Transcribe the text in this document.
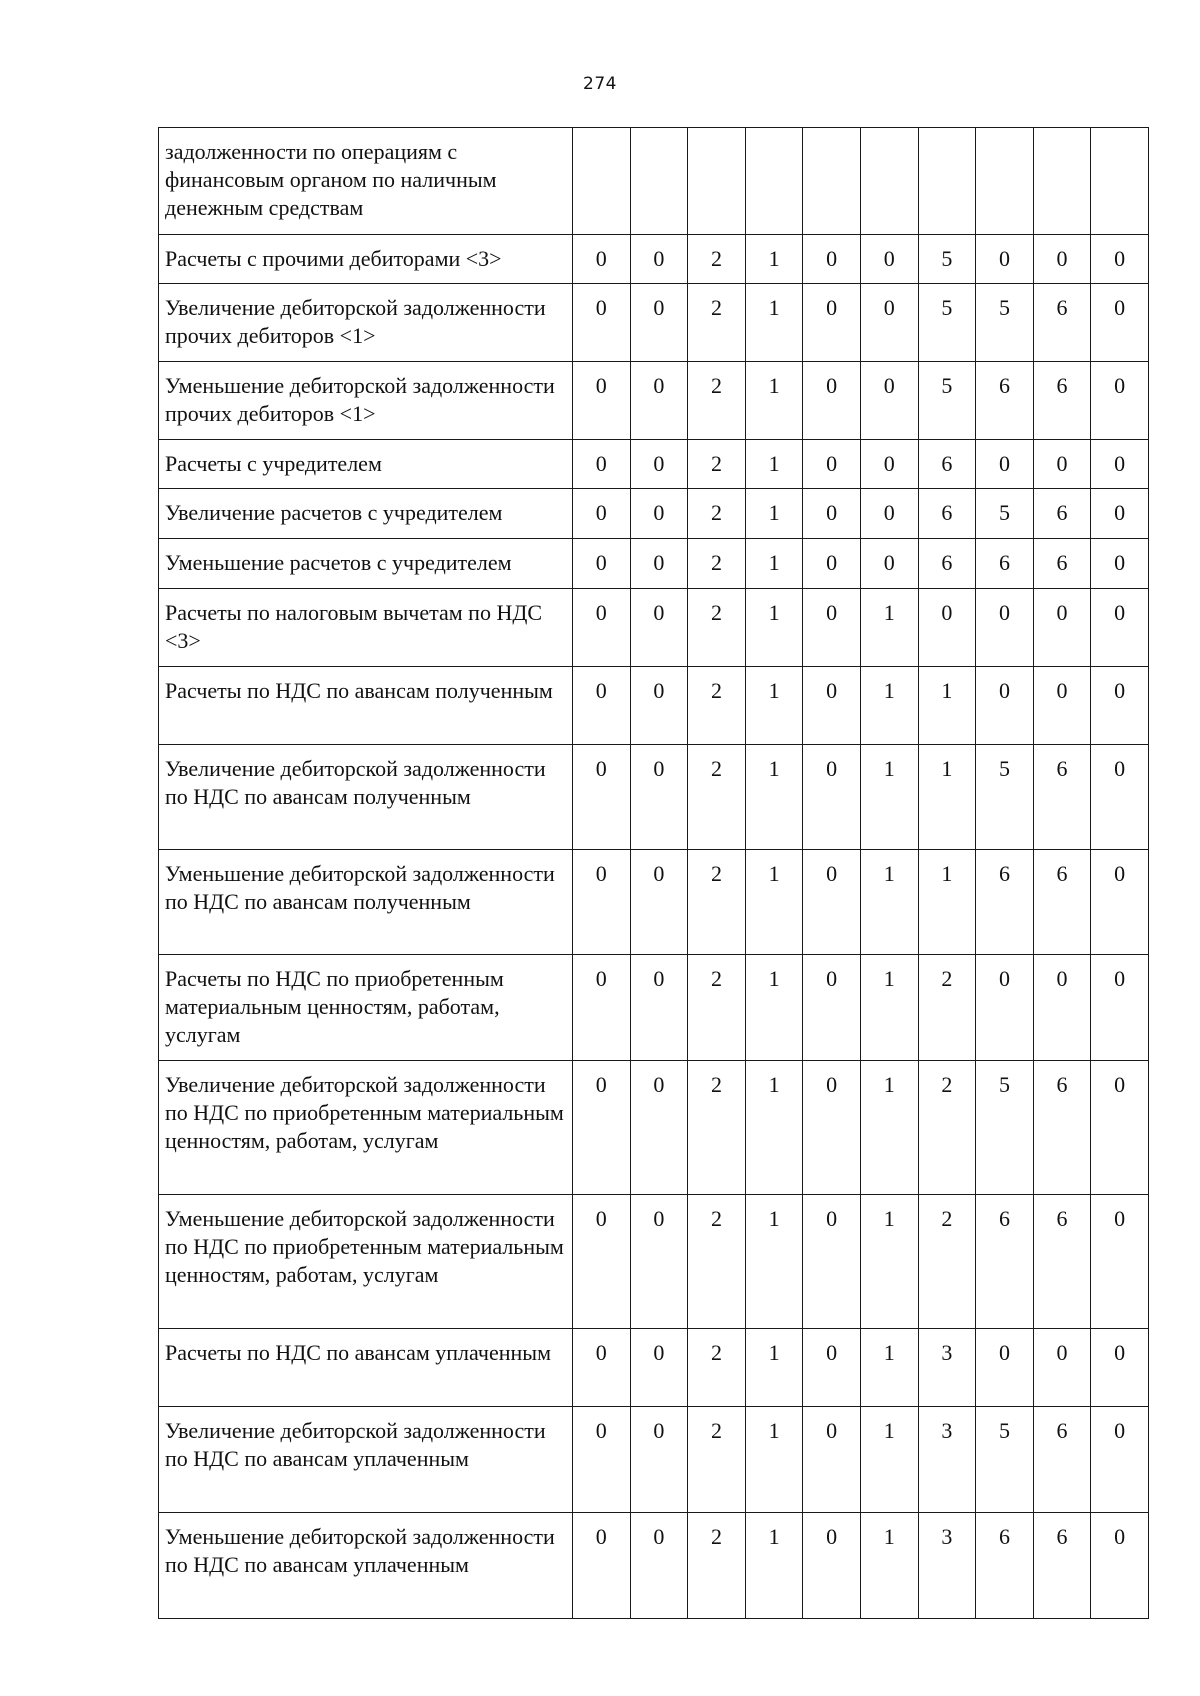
274
задолженности по операциям с финансовым органом по наличным денежным средствам										
Расчеты с прочими дебиторами <3>	0	0	2	1	0	0	5	0	0	0
Увеличение дебиторской задолженности прочих дебиторов <1>	0	0	2	1	0	0	5	5	6	0
Уменьшение дебиторской задолженности прочих дебиторов <1>	0	0	2	1	0	0	5	6	6	0
Расчеты с учредителем	0	0	2	1	0	0	6	0	0	0
Увеличение расчетов с учредителем	0	0	2	1	0	0	6	5	6	0
Уменьшение расчетов с учредителем	0	0	2	1	0	0	6	6	6	0
Расчеты по налоговым вычетам по НДС <3>	0	0	2	1	0	1	0	0	0	0
Расчеты по НДС по авансам полученным	0	0	2	1	0	1	1	0	0	0
Увеличение дебиторской задолженности по НДС по авансам полученным	0	0	2	1	0	1	1	5	6	0
Уменьшение дебиторской задолженности по НДС по авансам полученным	0	0	2	1	0	1	1	6	6	0
Расчеты по НДС по приобретенным материальным ценностям, работам, услугам	0	0	2	1	0	1	2	0	0	0
Увеличение дебиторской задолженности по НДС по приобретенным материальным ценностям, работам, услугам	0	0	2	1	0	1	2	5	6	0
Уменьшение дебиторской задолженности по НДС по приобретенным материальным ценностям, работам, услугам	0	0	2	1	0	1	2	6	6	0
Расчеты по НДС по авансам уплаченным	0	0	2	1	0	1	3	0	0	0
Увеличение дебиторской задолженности по НДС по авансам уплаченным	0	0	2	1	0	1	3	5	6	0
Уменьшение дебиторской задолженности по НДС по авансам уплаченным	0	0	2	1	0	1	3	6	6	0
